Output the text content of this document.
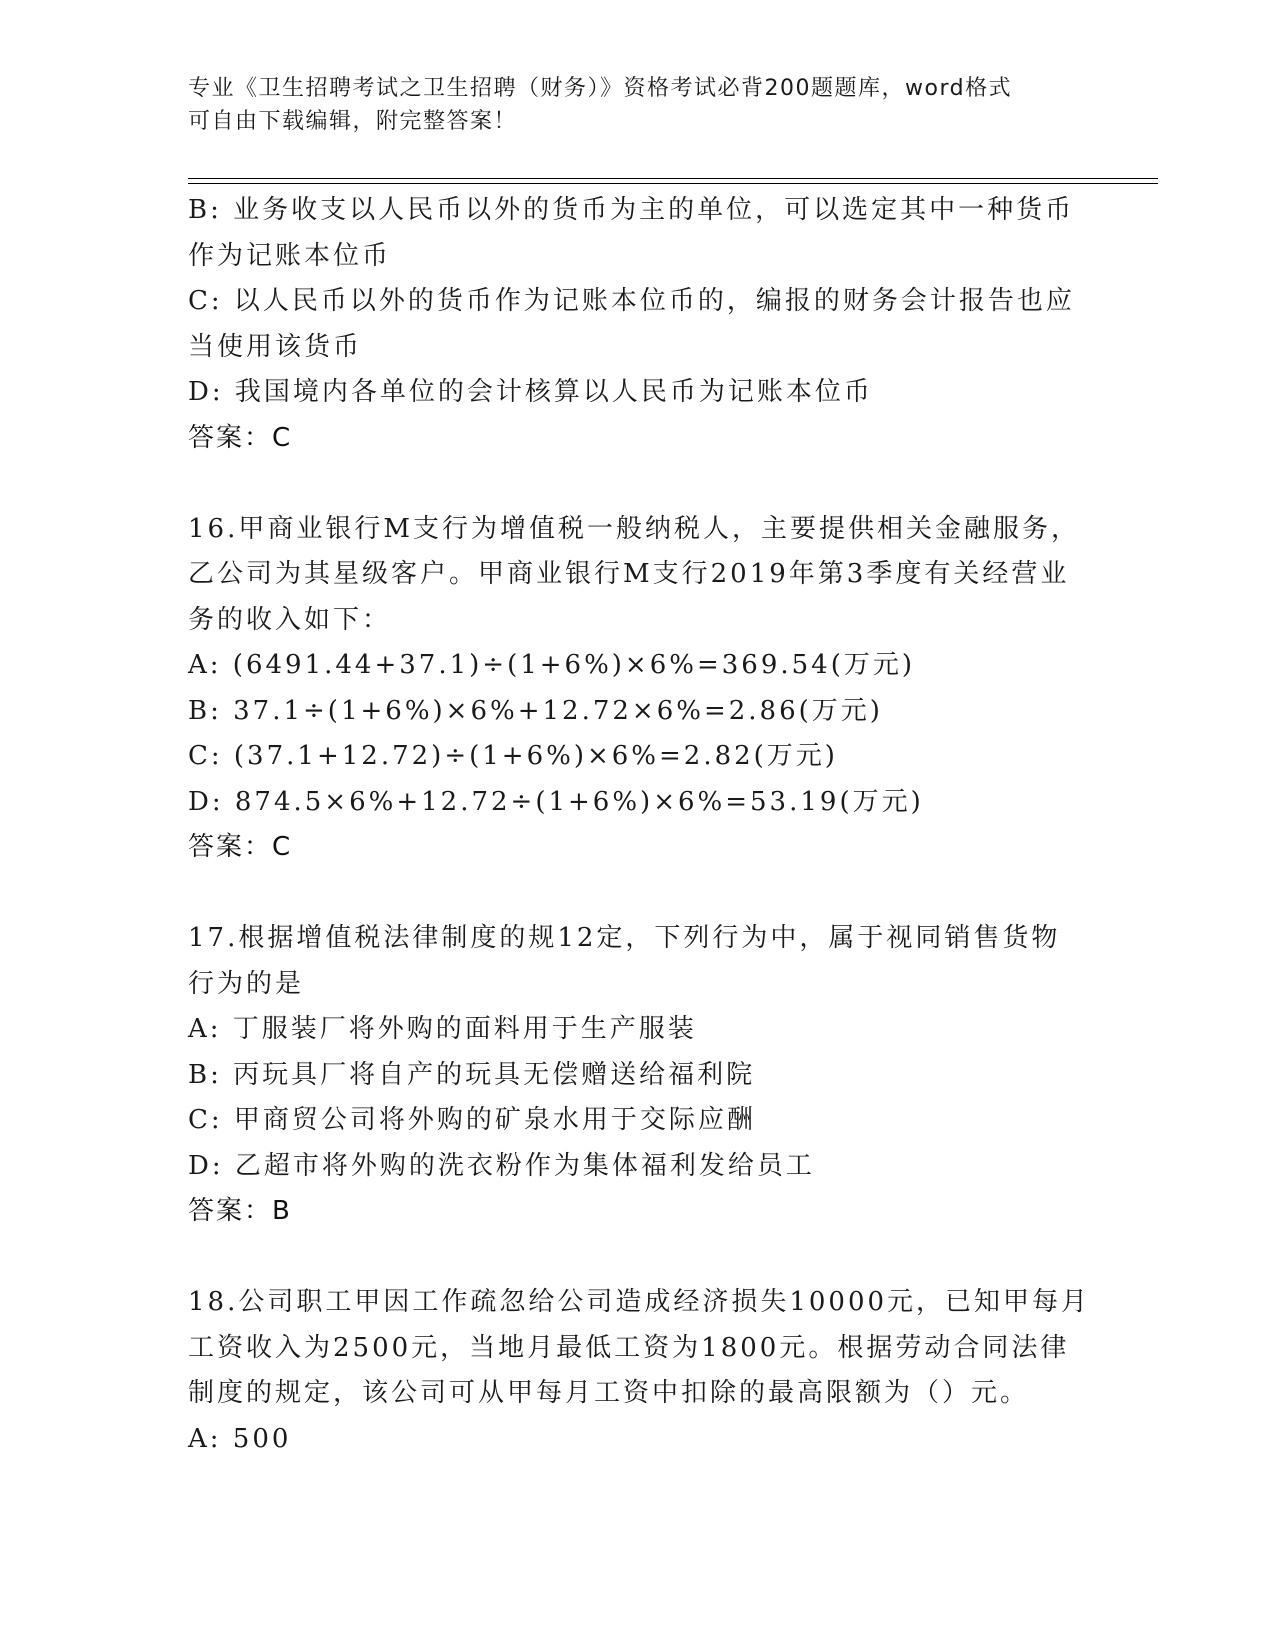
专业《卫生招聘考试之卫生招聘（财务）》资格考试必背200题题库，word格式
可自由下载编辑，附完整答案！
B: 业务收支以人民币以外的货币为主的单位，可以选定其中一种货币
作为记账本位币
C: 以人民币以外的货币作为记账本位币的，编报的财务会计报告也应
当使用该货币
D: 我国境内各单位的会计核算以人民币为记账本位币
答案：C
16.甲商业银行M支行为增值税一般纳税人，主要提供相关金融服务，
乙公司为其星级客户。甲商业银行M支行2019年第3季度有关经营业
务的收入如下：
A: (6491.44+37.1)÷(1+6%)×6%=369.54(万元)
B: 37.1÷(1+6%)×6%+12.72×6%=2.86(万元)
C: (37.1+12.72)÷(1+6%)×6%=2.82(万元)
D: 874.5×6%+12.72÷(1+6%)×6%=53.19(万元)
答案：C
17.根据增值税法律制度的规12定，下列行为中，属于视同销售货物
行为的是
A: 丁服装厂将外购的面料用于生产服装
B: 丙玩具厂将自产的玩具无偿赠送给福利院
C: 甲商贸公司将外购的矿泉水用于交际应酬
D: 乙超市将外购的洗衣粉作为集体福利发给员工
答案：B
18.公司职工甲因工作疏忽给公司造成经济损失10000元，已知甲每月
工资收入为2500元，当地月最低工资为1800元。根据劳动合同法律
制度的规定，该公司可从甲每月工资中扣除的最高限额为（）元。
A: 500
